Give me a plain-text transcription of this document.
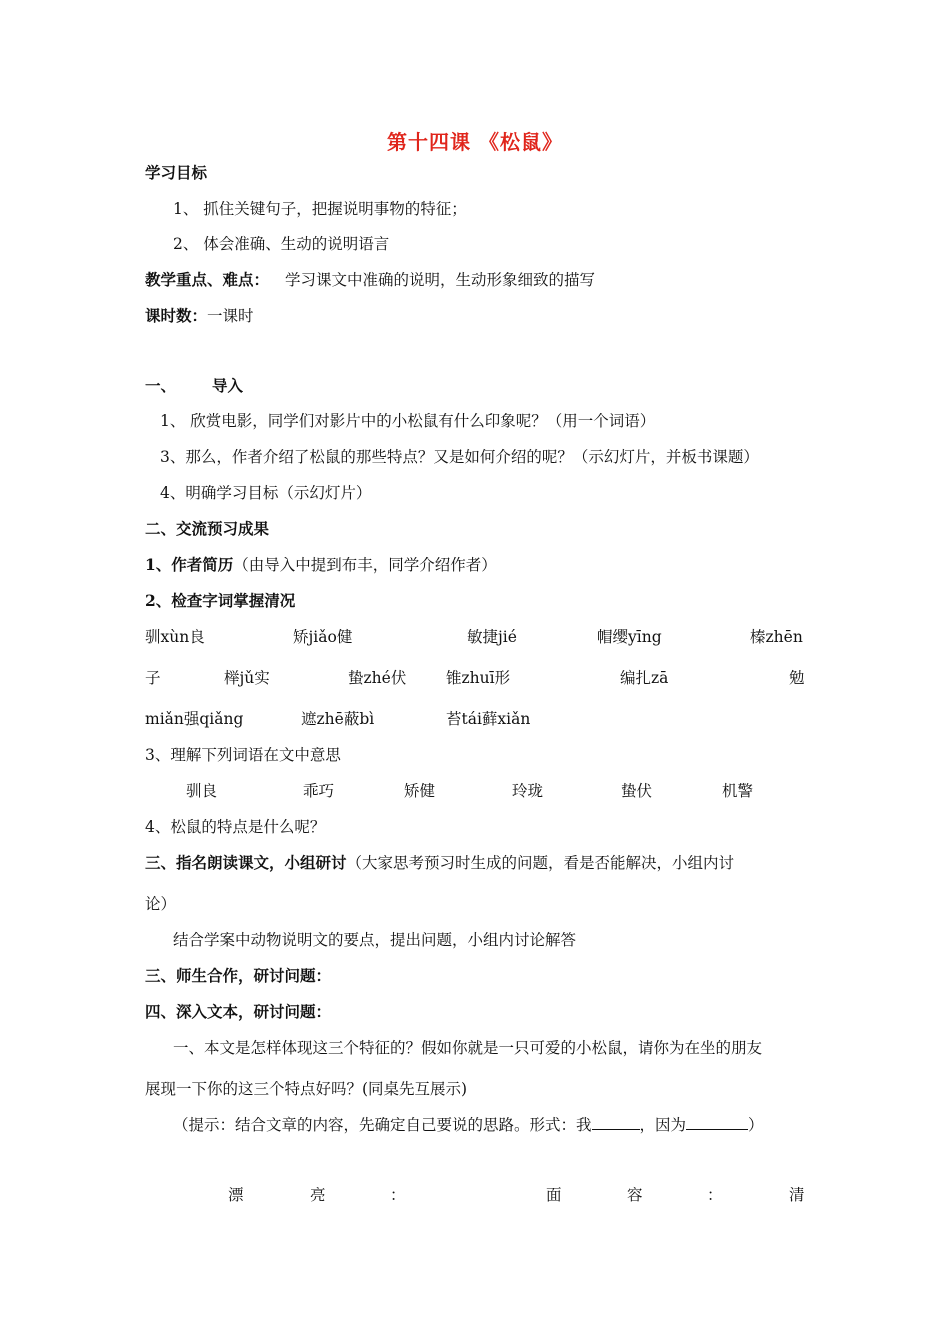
第十四课 《松鼠》
学习目标
1、 抓住关键句子，把握说明事物的特征；
2、 体会准确、生动的说明语言
教学重点、难点： 学习课文中准确的说明，生动形象细致的描写
课时数：一课时
一、 导入
1、 欣赏电影，同学们对影片中的小松鼠有什么印象呢？（用一个词语）
3、那么，作者介绍了松鼠的那些特点？又是如何介绍的呢？（示幻灯片，并板书课题）
4、明确学习目标（示幻灯片）
二、交流预习成果
1、作者简历（由导入中提到布丰，同学介绍作者）
2、检查字词掌握清况
驯xùn良	矫jiǎo健	敏捷jié	帽缨yīng	榛zhēn
子	榉jǔ实	蛰zhé伏	锥zhuī形	编扎zā	勉
miǎn强qiǎng	遮zhē蔽bì	苔tái藓xiǎn
3、理解下列词语在文中意思
驯良	乖巧	矫健	玲珑	蛰伏	机警
4、松鼠的特点是什么呢？
三、指名朗读课文，小组研讨（大家思考预习时生成的问题，看是否能解决，小组内讨
论）
结合学案中动物说明文的要点，提出问题，小组内讨论解答
三、师生合作，研讨问题：
四、深入文本，研讨问题：
一、本文是怎样体现这三个特征的？假如你就是一只可爱的小松鼠，请你为在坐的朋友
展现一下你的这三个特点好吗？(同桌先互展示)
（提示：结合文章的内容，先确定自己要说的思路。形式：我	，因为	）
漂	亮	：	面	容	：	清
